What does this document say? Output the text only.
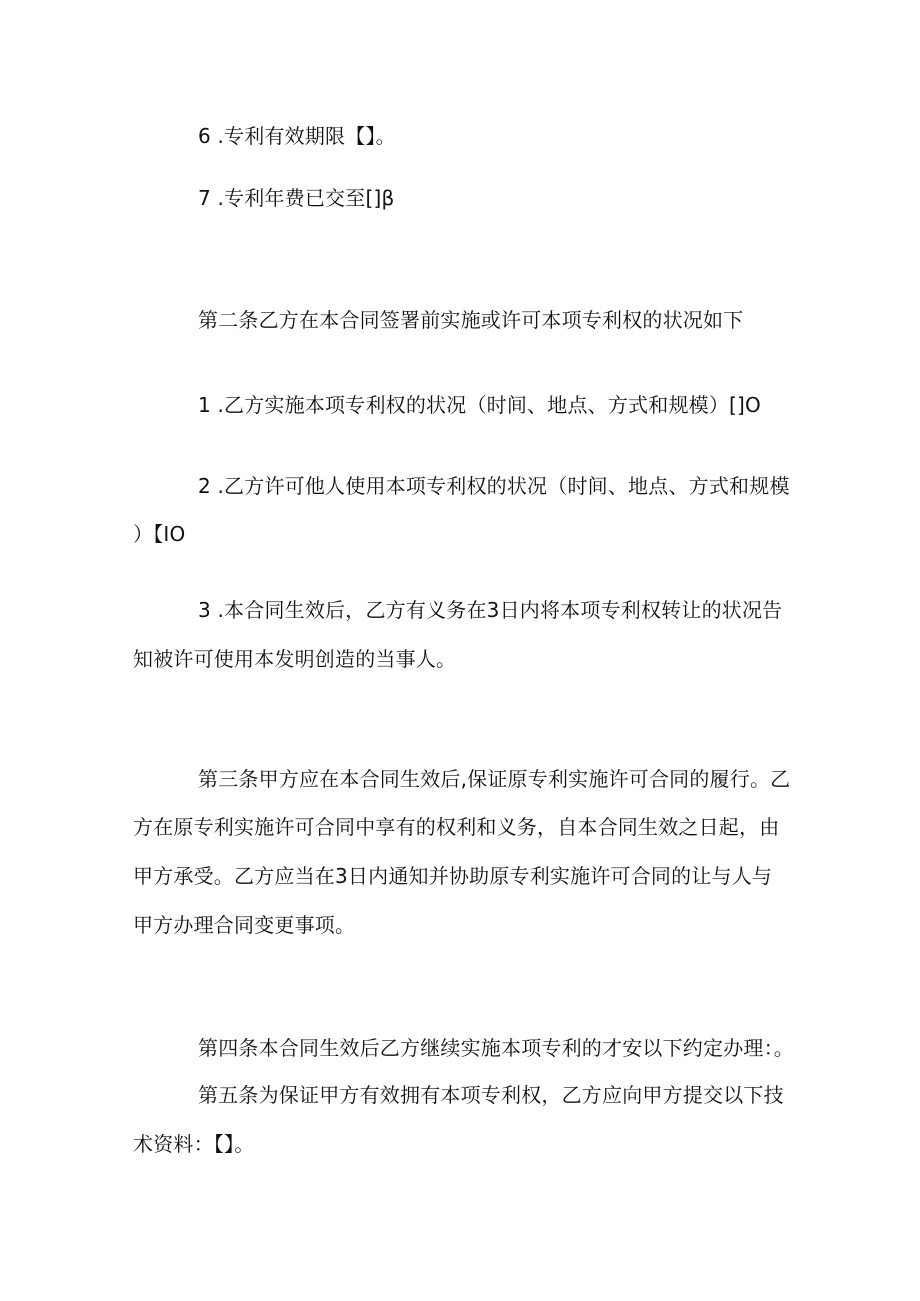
6 .专利有效期限【】。
7 .专利年费已交至[]β
第二条乙方在本合同签署前实施或许可本项专利权的状况如下
1 .乙方实施本项专利权的状况（时间、地点、方式和规模）[]O
2 .乙方许可他人使用本项专利权的状况（时间、地点、方式和规模
）【IO
3 .本合同生效后，乙方有义务在3日内将本项专利权转让的状况告
知被许可使用本发明创造的当事人。
第三条甲方应在本合同生效后,保证原专利实施许可合同的履行。乙
方在原专利实施许可合同中享有的权利和义务，自本合同生效之日起，由
甲方承受。乙方应当在3日内通知并协助原专利实施许可合同的让与人与
甲方办理合同变更事项。
第四条本合同生效后乙方继续实施本项专利的才安以下约定办理：。
第五条为保证甲方有效拥有本项专利权，乙方应向甲方提交以下技
术资料：【】。
